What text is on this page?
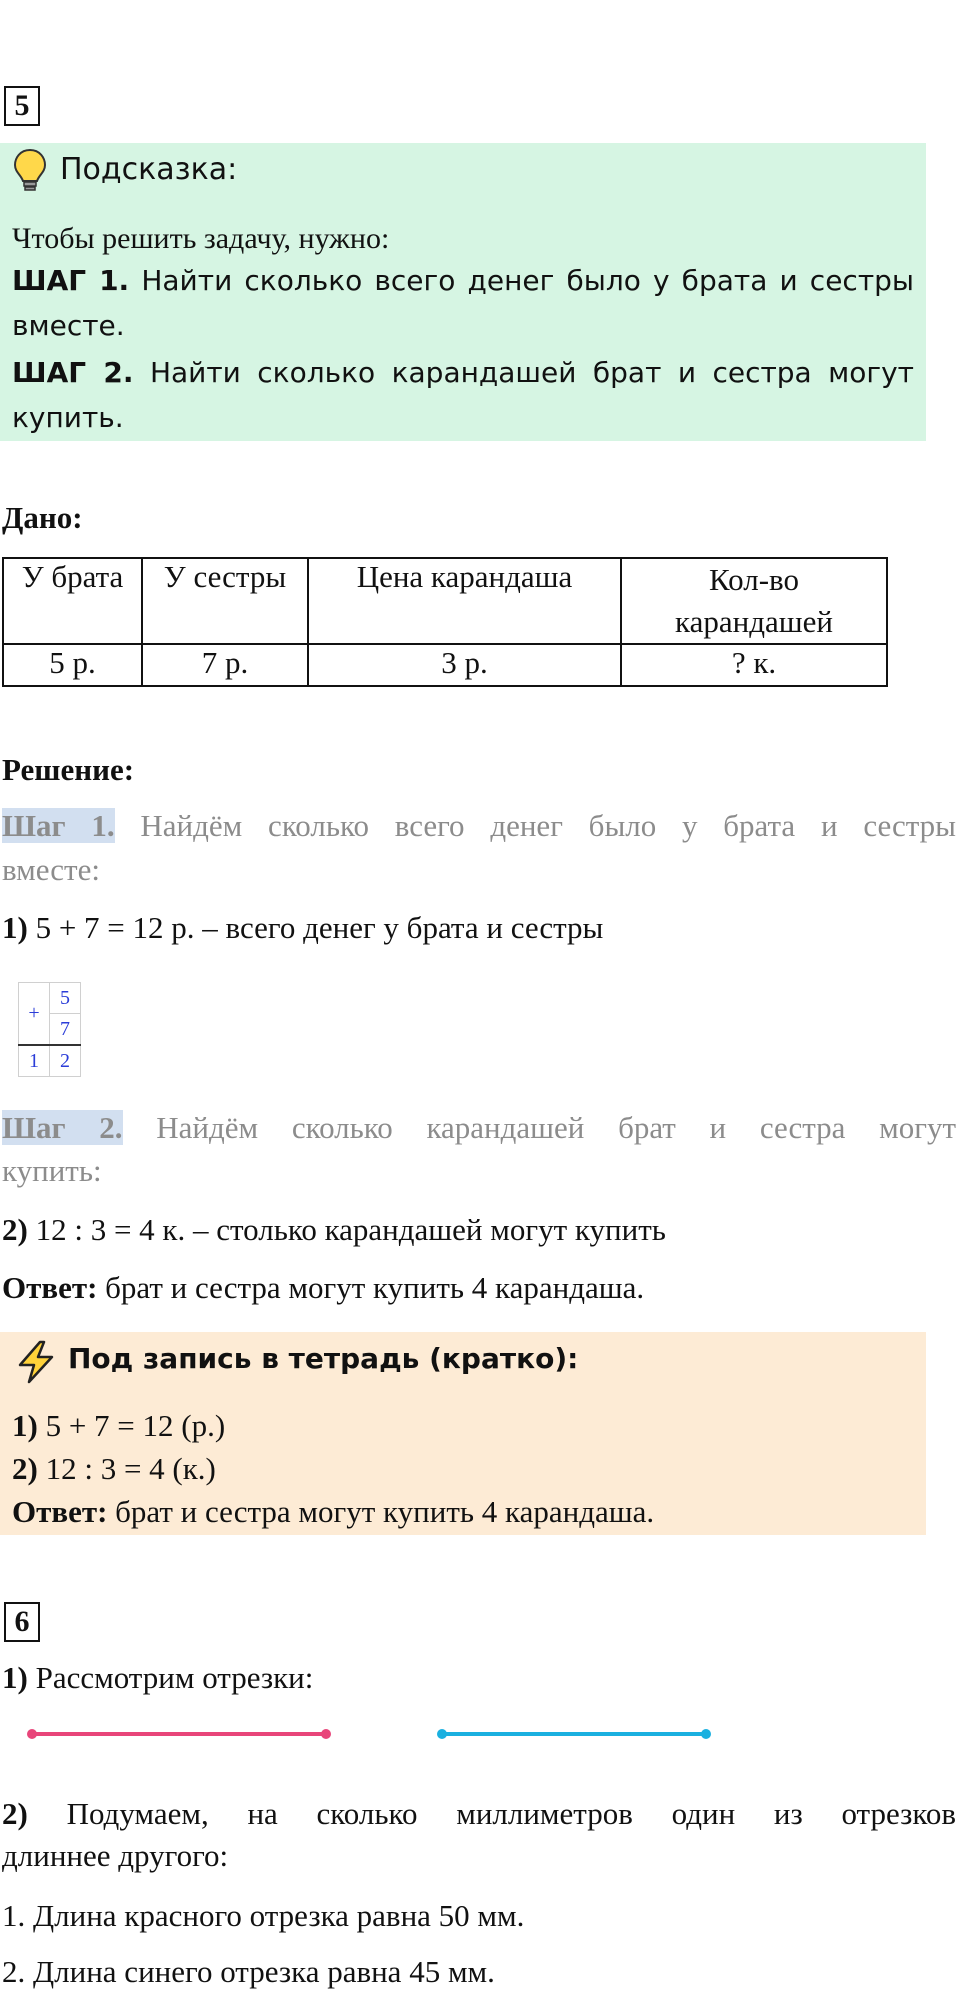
5
Подсказка:
Чтобы решить задачу, нужно:
ШАГ 1. Найти сколько всего денег было у брата и сестры
вместе.
ШАГ 2. Найти сколько карандашей брат и сестра могут
купить.
Дано:
У брата	У сестры	Цена карандаша	Кол-во
карандашей

5 р.	7 р.	3 р.	? к.
Решение:
Шаг 1. Найдём сколько всего денег было у брата и сестры
вместе:
1) 5 + 7 = 12 р. – всего денег у брата и сестры
+	5
	7
1	2
Шаг 2. Найдём сколько карандашей брат и сестра могут
купить:
2) 12 : 3 = 4 к. – столько карандашей могут купить
Ответ: брат и сестра могут купить 4 карандаша.
Под запись в тетрадь (кратко):
1) 5 + 7 = 12 (р.)
2) 12 : 3 = 4 (к.)
Ответ: брат и сестра могут купить 4 карандаша.
6
1) Рассмотрим отрезки:
2) Подумаем, на сколько миллиметров один из отрезков
длиннее другого:
1. Длина красного отрезка равна 50 мм.
2. Длина синего отрезка равна 45 мм.
